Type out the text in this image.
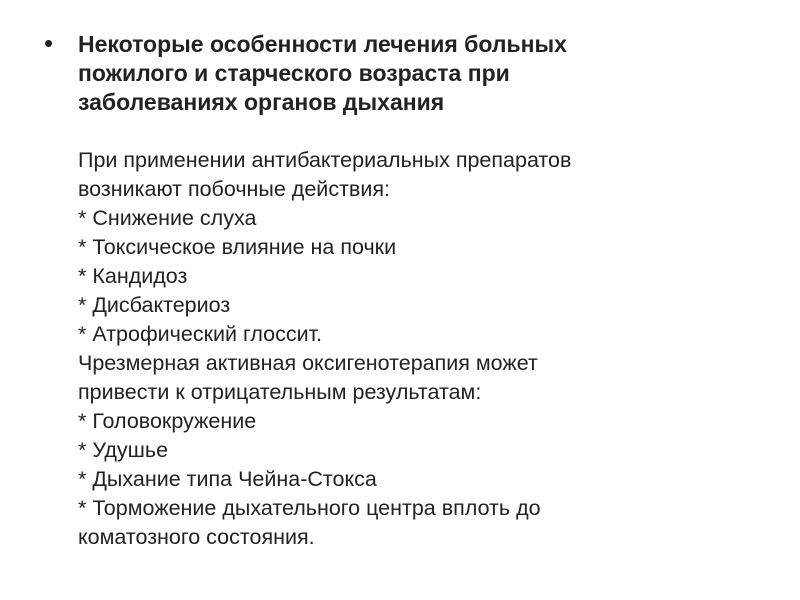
• Некоторые особенности лечения больных
пожилого и старческого возраста при
заболеваниях органов дыхания
При применении антибактериальных препаратов
возникают побочные действия:
* Снижение слуха
* Токсическое влияние на почки
* Кандидоз
* Дисбактериоз
* Атрофический глоссит.
Чрезмерная активная оксигенотерапия может
привести к отрицательным результатам:
* Головокружение
* Удушье
* Дыхание типа Чейна-Стокса
* Торможение дыхательного центра вплоть до
коматозного состояния.
